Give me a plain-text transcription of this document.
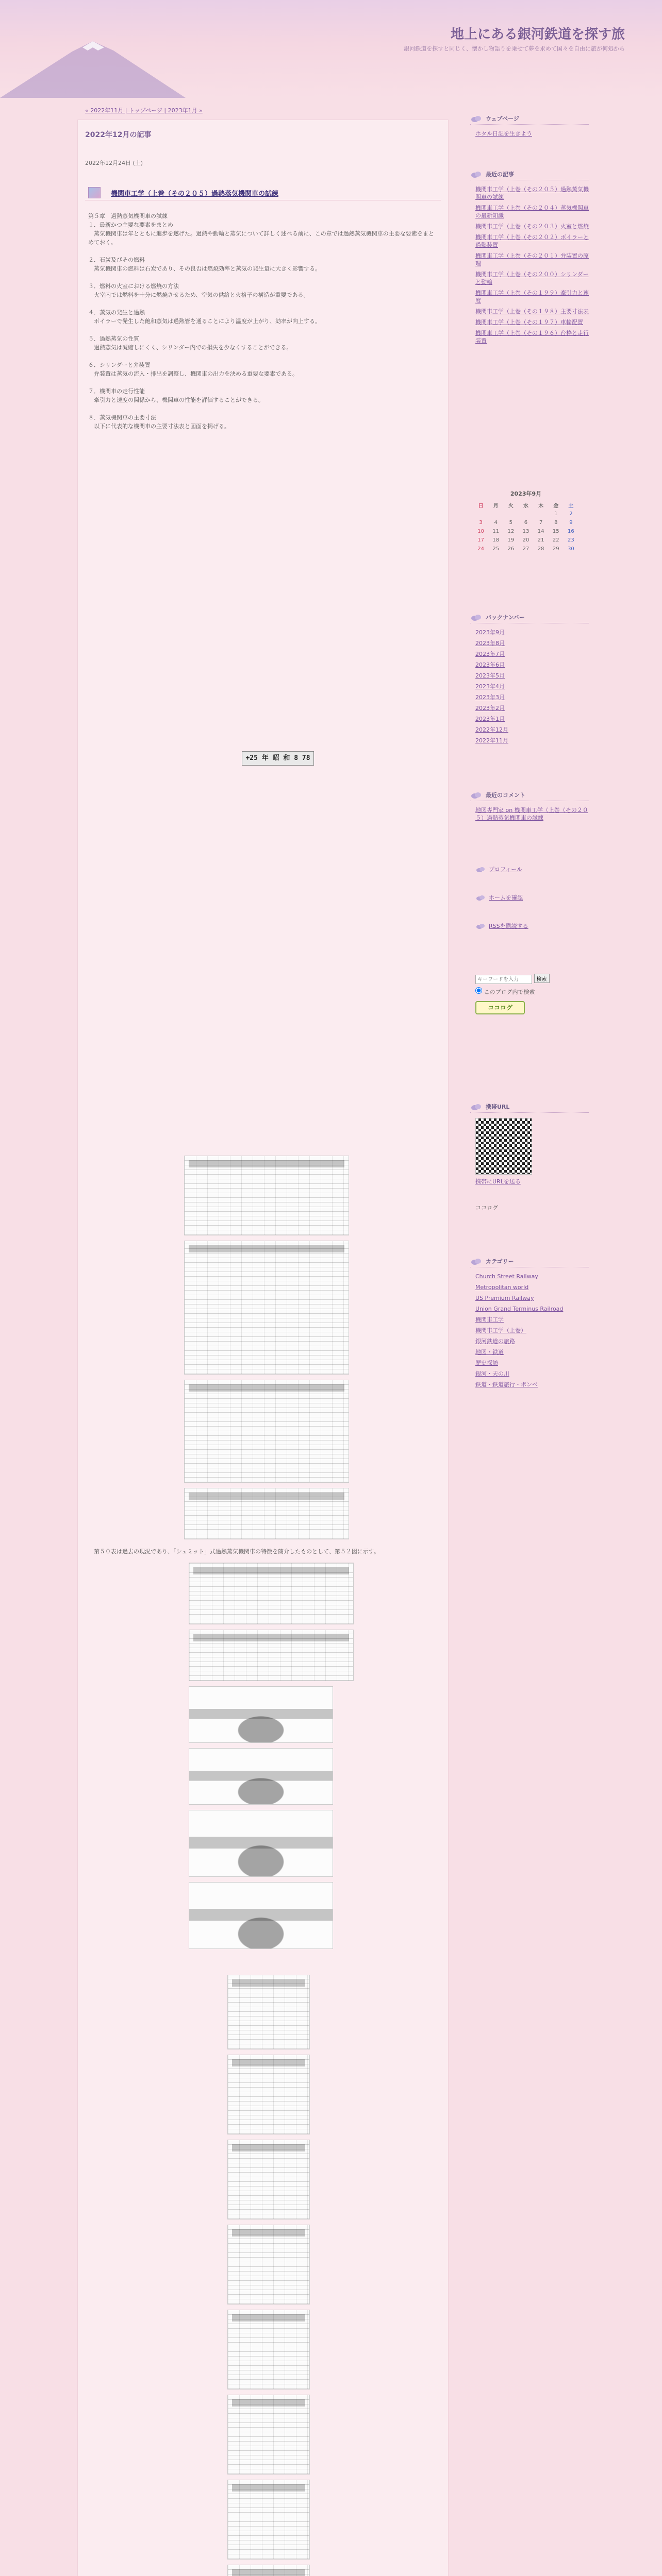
地上にある銀河鉄道を探す旅
銀河鉄道を探すと同じく、懐かし物語りを乗せて夢を求めて国々を自由に旅が何処から
« 2022年11月 | トップページ | 2023年1月 »
2022年12月の記事
2022年12月24日 (土)
機関車工学（上巻（その２０５）過熱蒸気機関車の試練

第５章　過熱蒸気機関車の試練

１．最新かつ主要な要素をまとめ

　蒸気機関車は年とともに進歩を遂げた。過熱や動輪と蒸気について詳しく述べる前に、この章では過熱蒸気機関車の主要な要素をまとめておく。

２．石炭及びその燃料

　蒸気機関車の燃料は石炭であり、その良否は燃焼効率と蒸気の発生量に大きく影響する。

３．燃料の火室における燃焼の方法

　火室内では燃料を十分に燃焼させるため、空気の供給と火格子の構造が重要である。

４．蒸気の発生と過熱

　ボイラーで発生した飽和蒸気は過熱管を通ることにより温度が上がり、効率が向上する。

５．過熱蒸気の性質

　過熱蒸気は凝縮しにくく、シリンダー内での損失を少なくすることができる。

６．シリンダーと弁装置

　弁装置は蒸気の流入・排出を調整し、機関車の出力を決める重要な要素である。

７．機関車の走行性能

　牽引力と速度の関係から、機関車の性能を評価することができる。

８．蒸気機関車の主要寸法

　以下に代表的な機関車の主要寸法表と図面を掲げる。

+25 年 昭 和 8 78
　第５０表は過去の現況であり、「シェミット」式過熱蒸気機関車の特徴を簡介したものとして、第５２図に示す。
ウェブページ
ホタル日記を生きよう
最近の記事
機関車工学（上巻（その２０５）過熱蒸気機関車の試練
機関車工学（上巻（その２０４）蒸気機関車の最新知識
機関車工学（上巻（その２０３）火室と燃焼
機関車工学（上巻（その２０２）ボイラーと過熱装置
機関車工学（上巻（その２０１）弁装置の原理
機関車工学（上巻（その２００）シリンダーと動輪
機関車工学（上巻（その１９９）牽引力と速度
機関車工学（上巻（その１９８）主要寸法表
機関車工学（上巻（その１９７）車輪配置
機関車工学（上巻（その１９６）台枠と走行装置
2023年9月
日	月	火	水	木	金	土
					1	2
3	4	5	6	7	8	9
10	11	12	13	14	15	16
17	18	19	20	21	22	23
24	25	26	27	28	29	30
バックナンバー
2023年9月
2023年8月
2023年7月
2023年6月
2023年5月
2023年4月
2023年3月
2023年2月
2023年1月
2022年12月
2022年11月
最近のコメント
地図専門家 on 機関車工学（上巻（その２０５）過熱蒸気機関車の試練
プロフィール
ホームを確認
RSSを購読する
キーワードを入力 検索
このブログ内で検索
ココログ
携帯URL
携帯にURLを送る
ココログ
カテゴリー
Church Street Railway
Metropolitan world
US Premium Railway
Union Grand Terminus Railroad
機関車工学
機関車工学（上巻）
銀河鉄道の旅路
地図・鉄道
歴史探訪
銀河・天の川
鉄道・鉄道旅行・ポンペ
